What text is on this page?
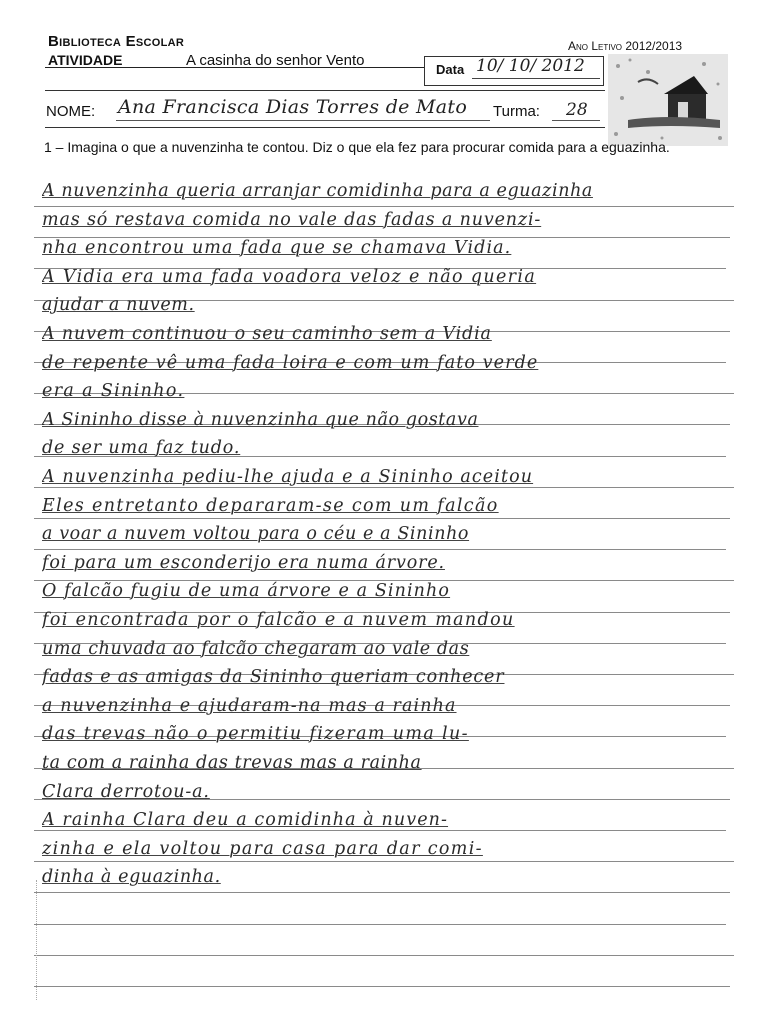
Biblioteca Escolar	Ano Letivo 2012/2013
ATIVIDADE	A casinha do senhor Vento
Data 10/ 10/ 2012
NOME: Ana Francisca Dias Torres de Mato Turma: 28
1 – Imagina o que a nuvenzinha te contou. Diz o que ela fez para procurar comida para a eguazinha.
A nuvenzinha queria arranjar comidinha para a eguazinha
mas só restava comida no vale das fadas a nuvenzi-
nha encontrou uma fada que se chamava Vidia.
A Vidia era uma fada voadora veloz e não queria
ajudar a nuvem.
A nuvem continuou o seu caminho sem a Vidia
de repente vê uma fada loira e com um fato verde
era a Sininho.
A Sininho disse à nuvenzinha que não gostava
de ser uma faz tudo.
A nuvenzinha pediu-lhe ajuda e a Sininho aceitou
Eles entretanto depararam-se com um falcão
a voar a nuvem voltou para o céu e a Sininho
foi para um esconderijo era numa árvore.
O falcão fugiu de uma árvore e a Sininho
foi encontrada por o falcão e a nuvem mandou
uma chuvada ao falcão chegaram ao vale das
fadas e as amigas da Sininho queriam conhecer
a nuvenzinha e ajudaram-na mas a rainha
das trevas não o permitiu fizeram uma lu-
ta com a rainha das trevas mas a rainha
Clara derrotou-a.
A rainha Clara deu a comidinha à nuven-
zinha e ela voltou para casa para dar comi-
dinha à eguazinha.
